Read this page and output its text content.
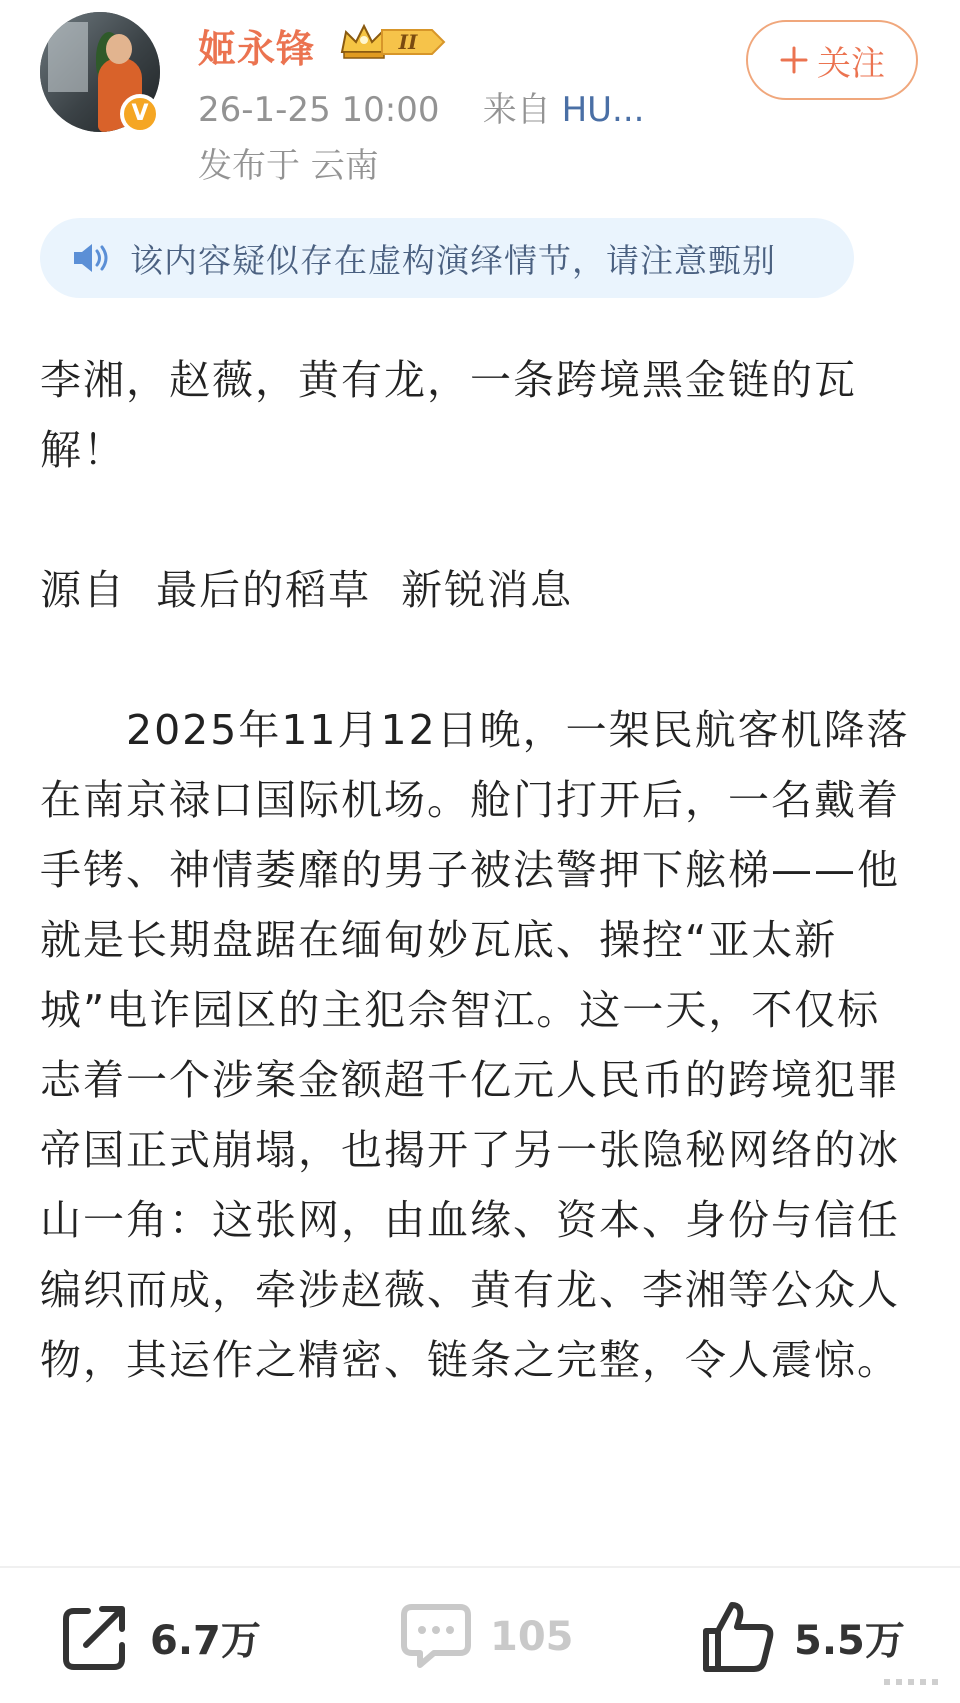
V
姬永锋	II
26-1-25 10:00 来自 HU...
发布于 云南
关注
该内容疑似存在虚构演绎情节，请注意甄别

李湘，赵薇，黄有龙，一条跨境黑金链的瓦解！

源自  最后的稻草  新锐消息

2025年11月12日晚，一架民航客机降落在南京禄口国际机场。舱门打开后，一名戴着手铐、神情萎靡的男子被法警押下舷梯——他就是长期盘踞在缅甸妙瓦底、操控“亚太新城”电诈园区的主犯佘智江。这一天，不仅标志着一个涉案金额超千亿元人民币的跨境犯罪帝国正式崩塌，也揭开了另一张隐秘网络的冰山一角：这张网，由血缘、资本、身份与信任编织而成，牵涉赵薇、黄有龙、李湘等公众人物，其运作之精密、链条之完整，令人震惊。

6.7万	105	5.5万
